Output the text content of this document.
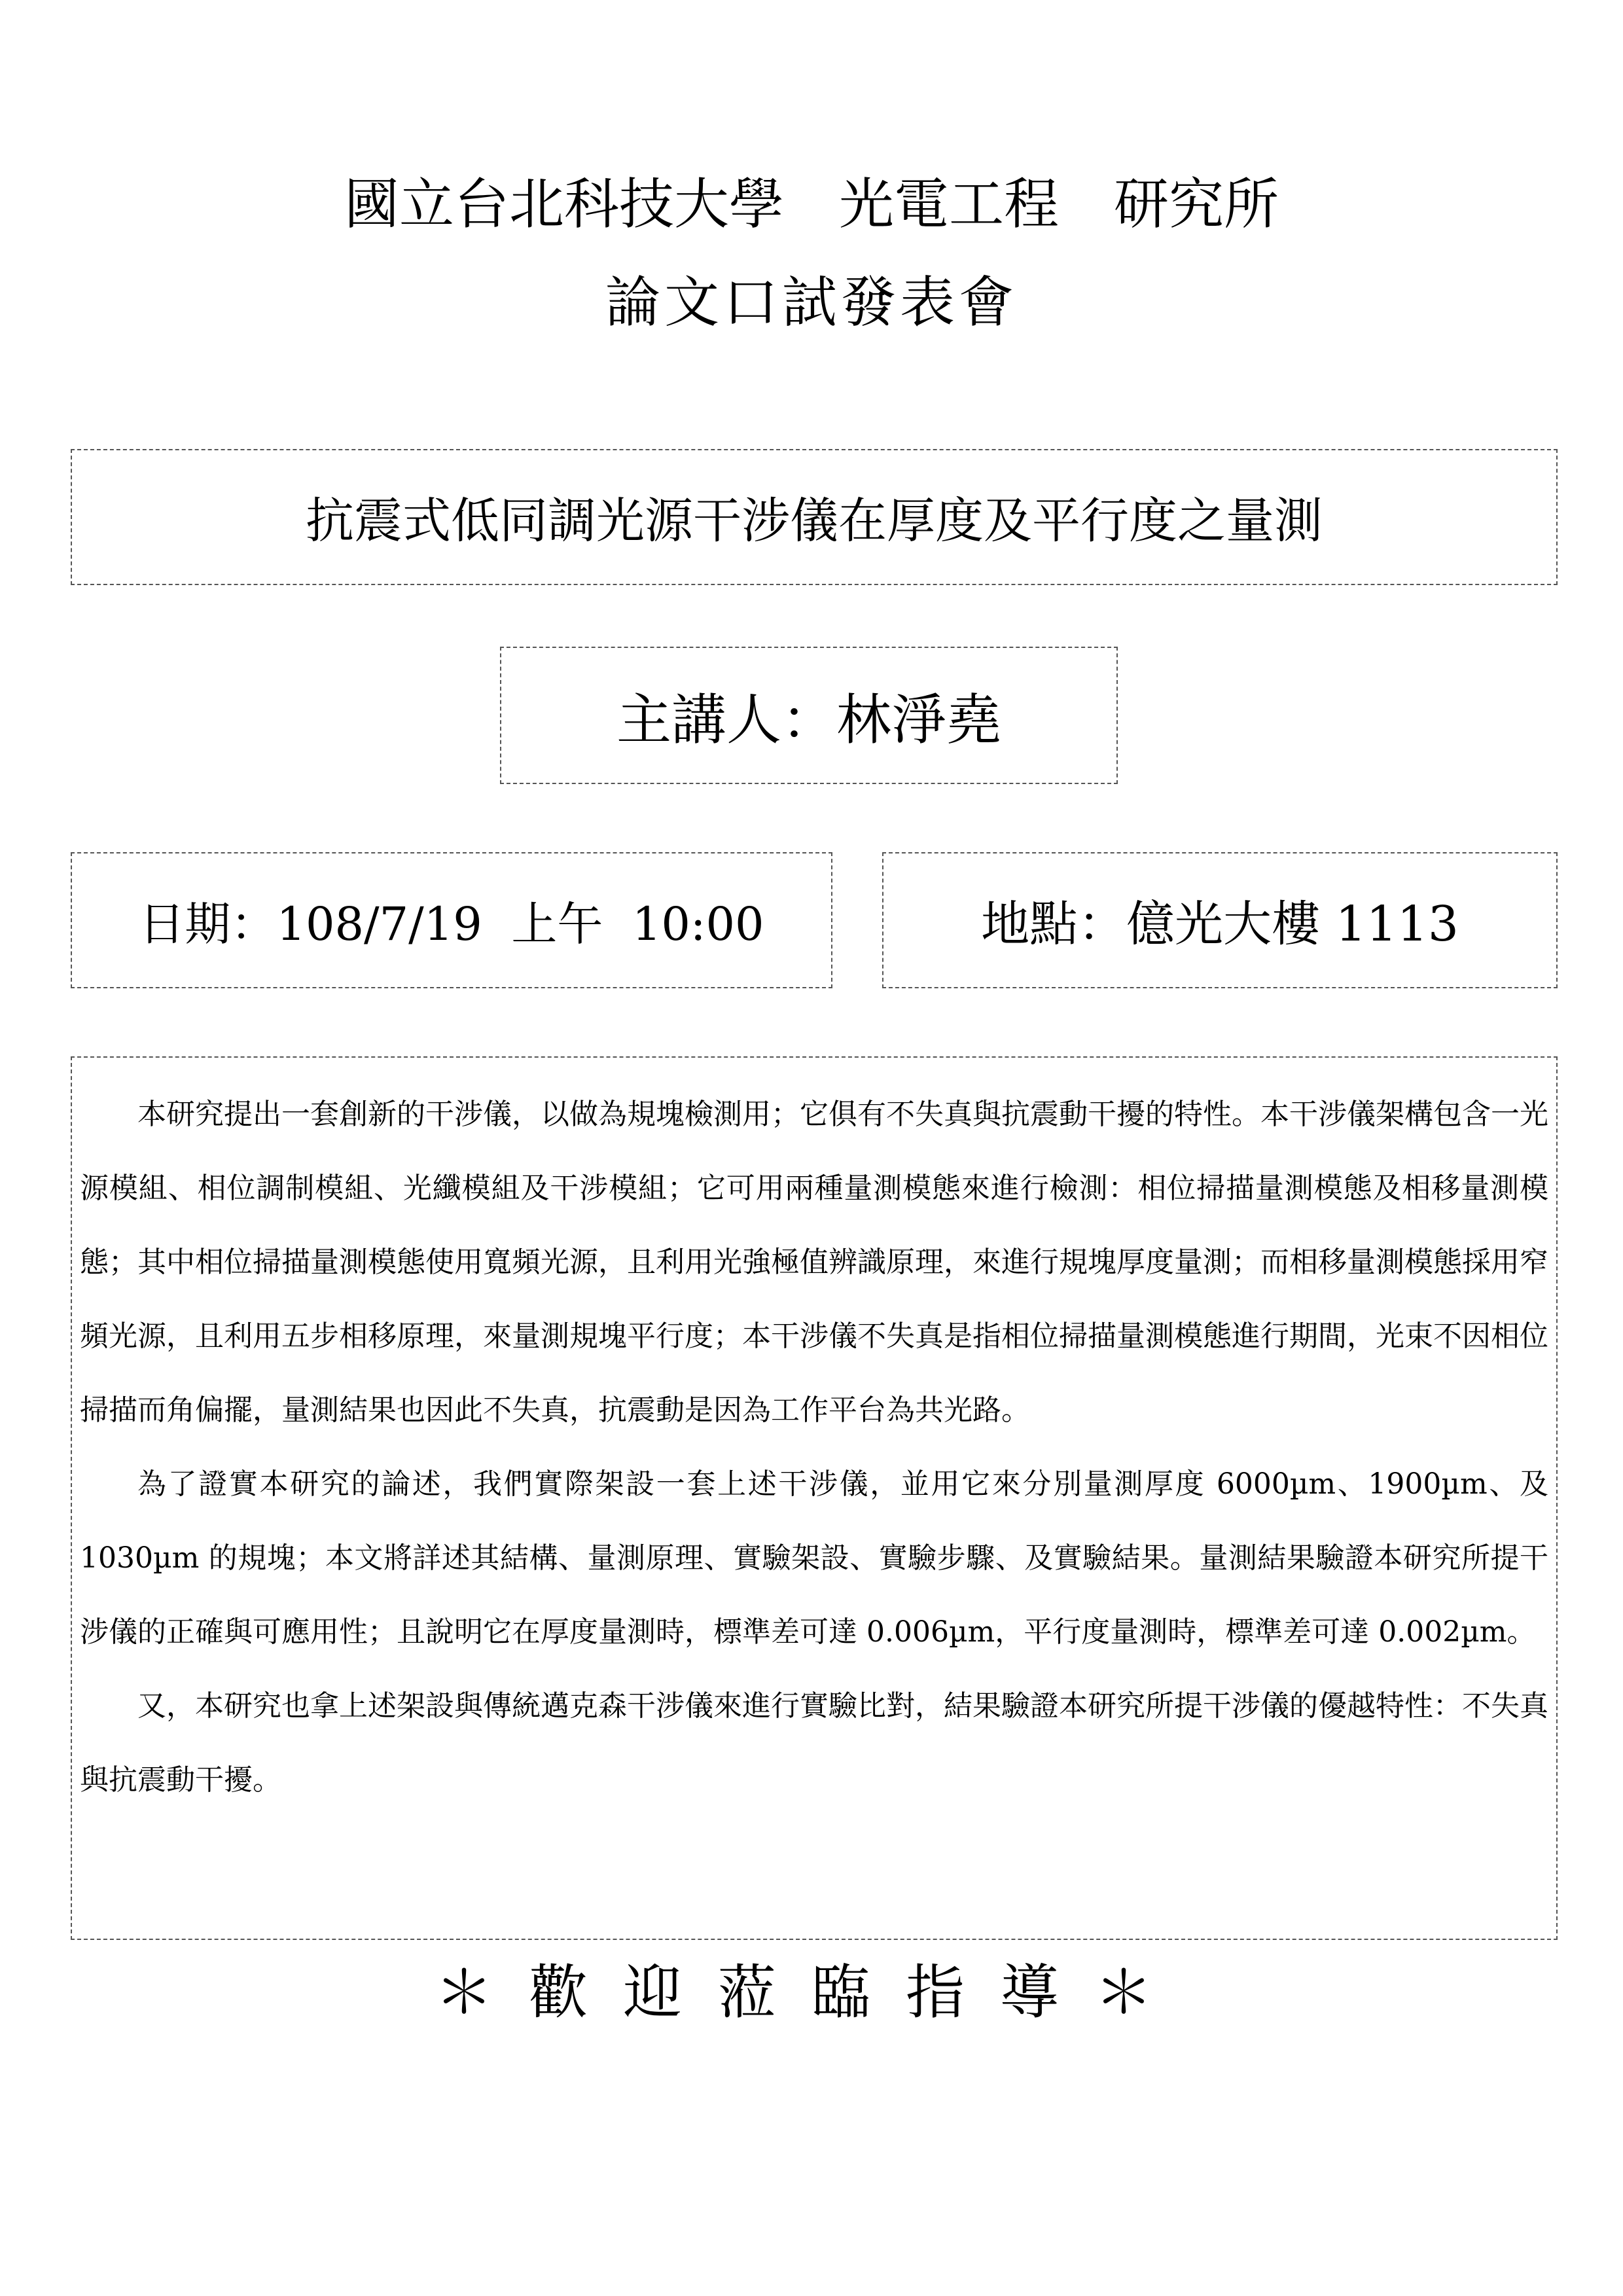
國立台北科技大學　光電工程　研究所
論文口試發表會
抗震式低同調光源干涉儀在厚度及平行度之量測
主講人： 林淨堯
日期： 108/7/19  上午  10:00	地點： 億光大樓 1113

本研究提出一套創新的干涉儀，以做為規塊檢測用；它俱有不失真與抗震動干擾的特性。本干涉儀架構包含一光源模組、相位調制模組、光纖模組及干涉模組；它可用兩種量測模態來進行檢測：相位掃描量測模態及相移量測模態；其中相位掃描量測模態使用寬頻光源，且利用光強極值辨識原理，來進行規塊厚度量測；而相移量測模態採用窄頻光源，且利用五步相移原理，來量測規塊平行度；本干涉儀不失真是指相位掃描量測模態進行期間，光束不因相位掃描而角偏擺，量測結果也因此不失真，抗震動是因為工作平台為共光路。

為了證實本研究的論述，我們實際架設一套上述干涉儀，並用它來分別量測厚度 6000µm、1900µm、及 1030µm 的規塊；本文將詳述其結構、量測原理、實驗架設、實驗步驟、及實驗結果。量測結果驗證本研究所提干涉儀的正確與可應用性；且說明它在厚度量測時，標準差可達 0.006µm，平行度量測時，標準差可達 0.002µm。

又，本研究也拿上述架設與傳統邁克森干涉儀來進行實驗比對，結果驗證本研究所提干涉儀的優越特性：不失真與抗震動干擾。

＊歡迎蒞臨指導＊
